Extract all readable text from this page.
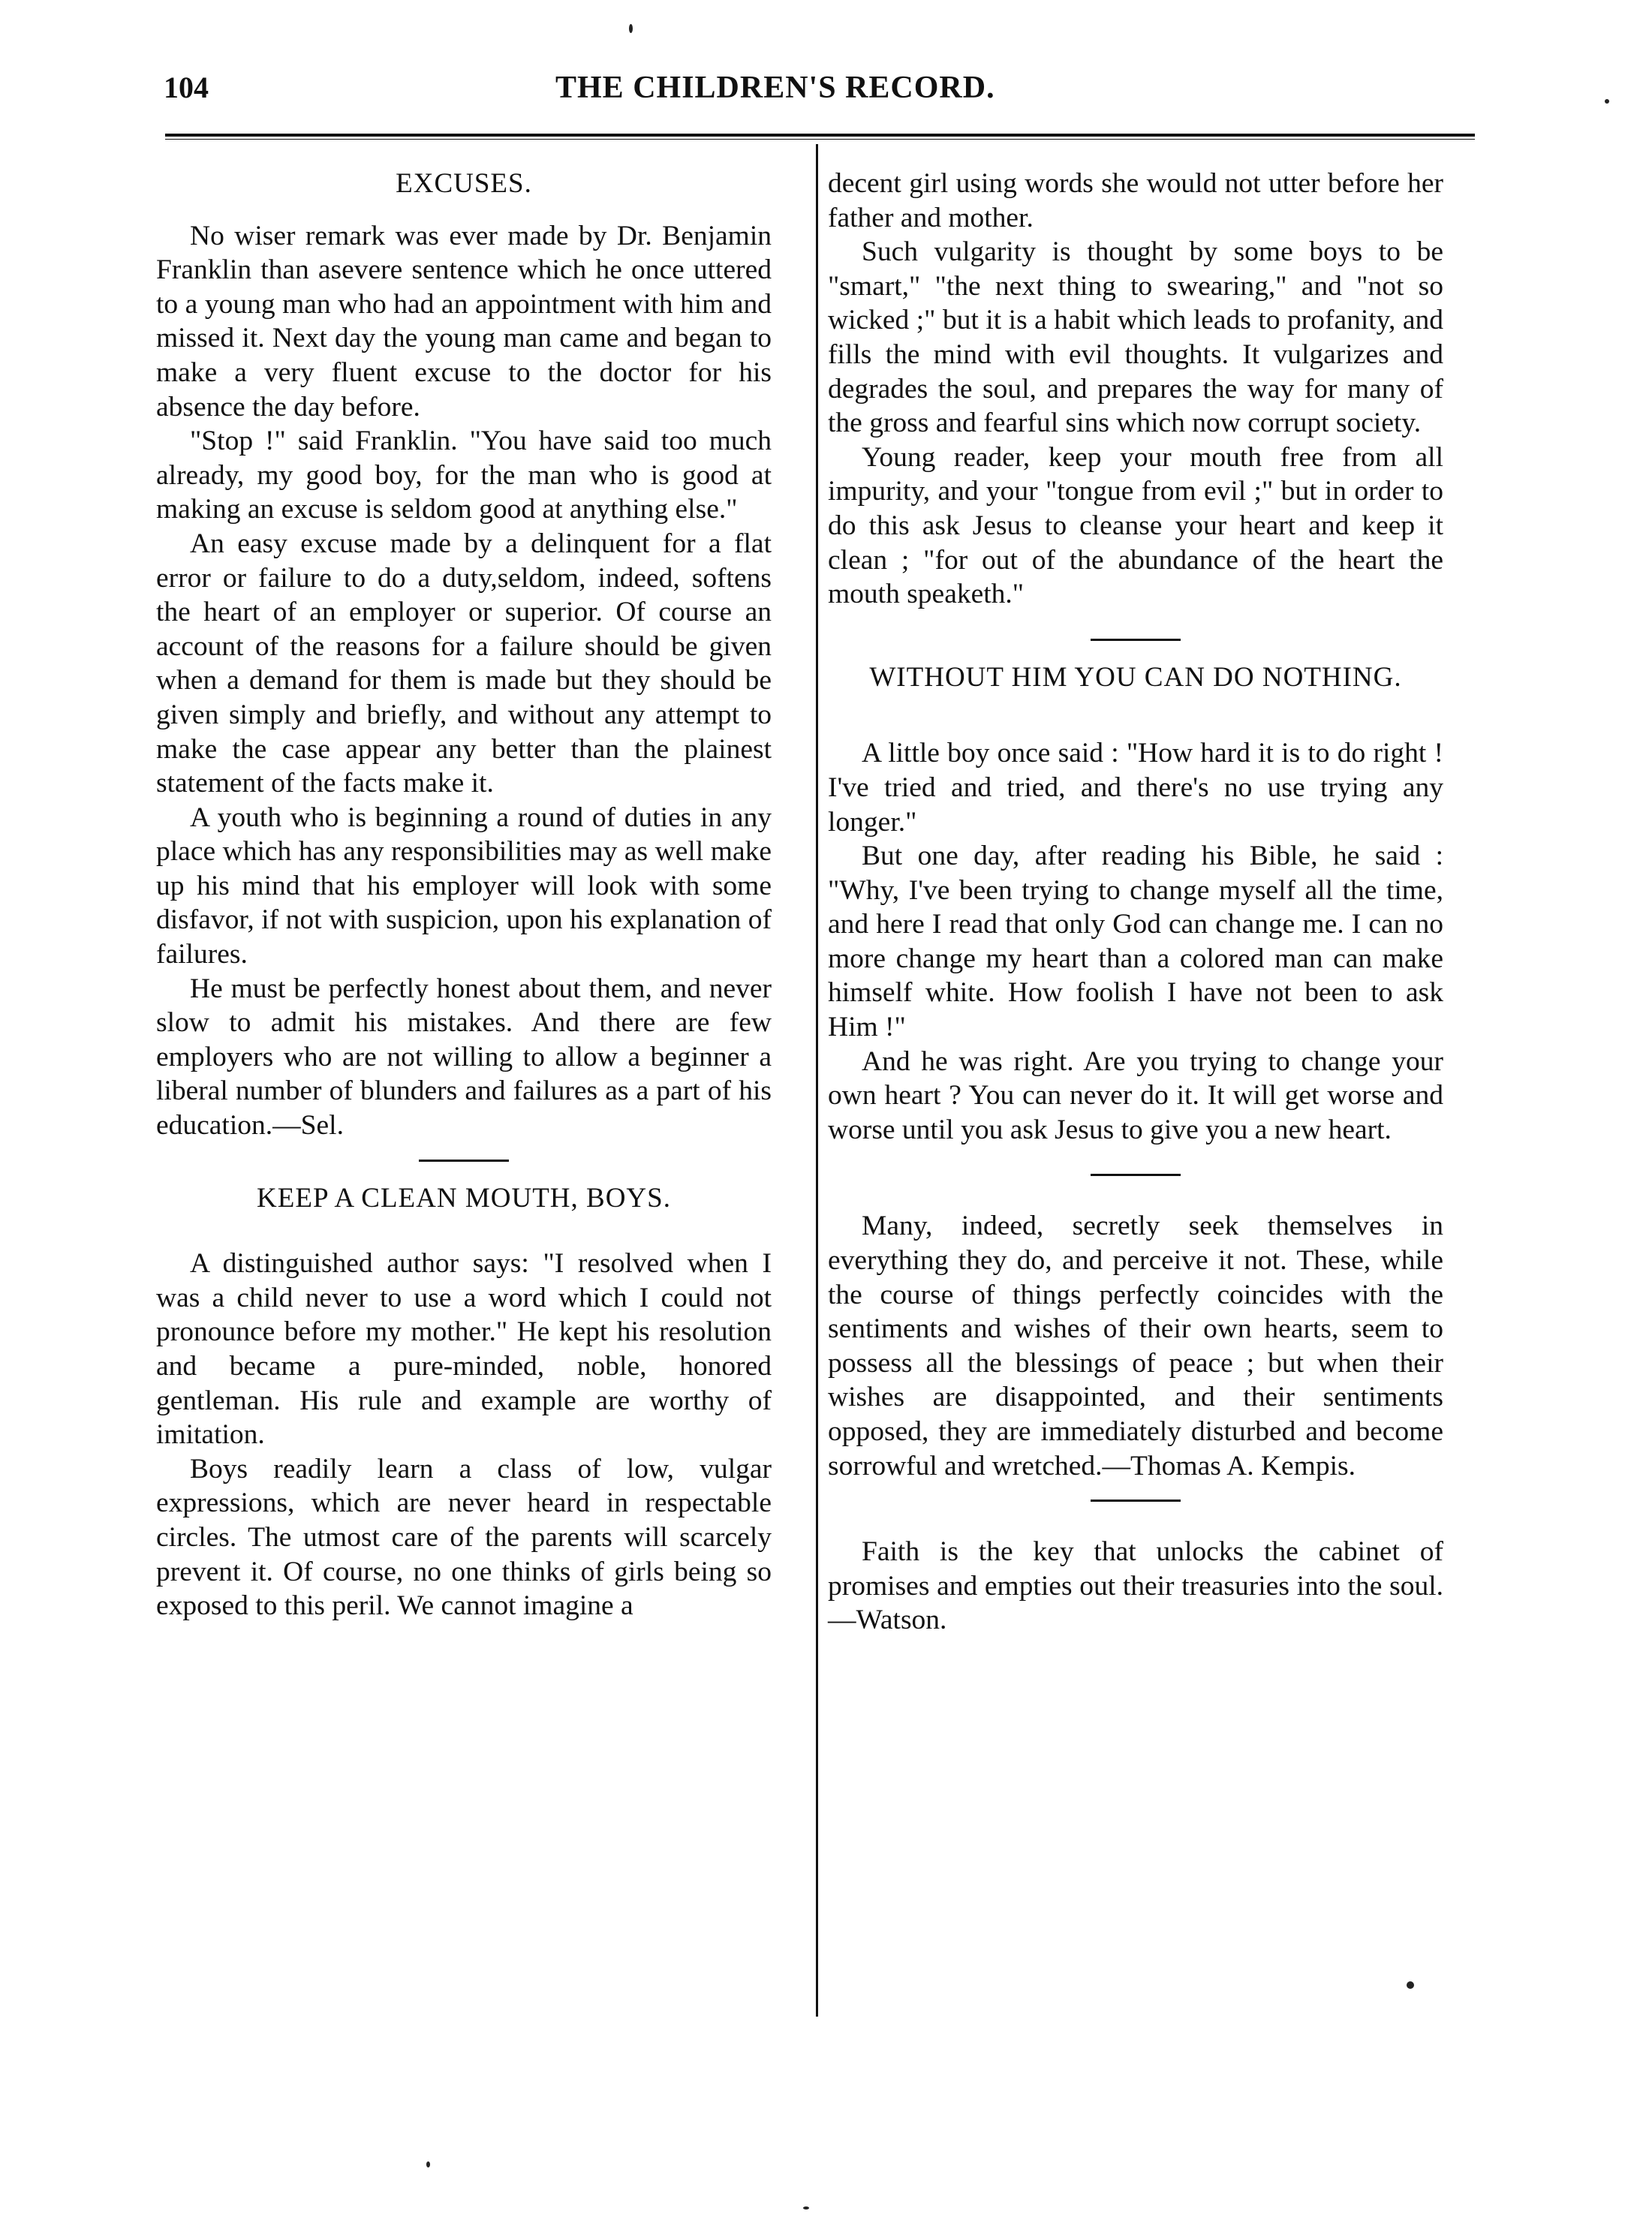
104	THE CHILDREN'S RECORD.
EXCUSES.

No wiser remark was ever made by Dr. Benjamin Franklin than asevere sentence which he once uttered to a young man who had an appointment with him and missed it. Next day the young man came and began to make a very fluent excuse to the doctor for his absence the day before.

"Stop !" said Franklin. "You have said too much already, my good boy, for the man who is good at making an excuse is seldom good at anything else."

An easy excuse made by a delinquent for a flat error or failure to do a duty,seldom, indeed, softens the heart of an employer or superior. Of course an account of the reasons for a failure should be given when a demand for them is made but they should be given simply and briefly, and without any attempt to make the case appear any better than the plainest statement of the facts make it.

A youth who is beginning a round of duties in any place which has any responsibilities may as well make up his mind that his employer will look with some disfavor, if not with suspicion, upon his explanation of failures.

He must be perfectly honest about them, and never slow to admit his mistakes. And there are few employers who are not willing to allow a beginner a liberal number of blunders and failures as a part of his education.—Sel.

KEEP A CLEAN MOUTH, BOYS.

A distinguished author says: "I resolved when I was a child never to use a word which I could not pronounce before my mother." He kept his resolution and became a pure-minded, noble, honored gentleman. His rule and example are worthy of imitation.

Boys readily learn a class of low, vulgar expressions, which are never heard in respectable circles. The utmost care of the parents will scarcely prevent it. Of course, no one thinks of girls being so exposed to this peril. We cannot imagine a

decent girl using words she would not utter before her father and mother.

Such vulgarity is thought by some boys to be "smart," "the next thing to swearing," and "not so wicked ;" but it is a habit which leads to profanity, and fills the mind with evil thoughts. It vulgarizes and degrades the soul, and prepares the way for many of the gross and fearful sins which now corrupt society.

Young reader, keep your mouth free from all impurity, and your "tongue from evil ;" but in order to do this ask Jesus to cleanse your heart and keep it clean ; "for out of the abundance of the heart the mouth speaketh."

WITHOUT HIM YOU CAN DO NOTHING.

A little boy once said : "How hard it is to do right ! I've tried and tried, and there's no use trying any longer."

But one day, after reading his Bible, he said : "Why, I've been trying to change myself all the time, and here I read that only God can change me. I can no more change my heart than a colored man can make himself white. How foolish I have not been to ask Him !"

And he was right. Are you trying to change your own heart ? You can never do it. It will get worse and worse until you ask Jesus to give you a new heart.

Many, indeed, secretly seek themselves in everything they do, and perceive it not. These, while the course of things perfectly coincides with the sentiments and wishes of their own hearts, seem to possess all the blessings of peace ; but when their wishes are disappointed, and their sentiments opposed, they are immediately disturbed and become sorrowful and wretched.—Thomas A. Kempis.

Faith is the key that unlocks the cabinet of promises and empties out their treasuries into the soul.—Watson.
